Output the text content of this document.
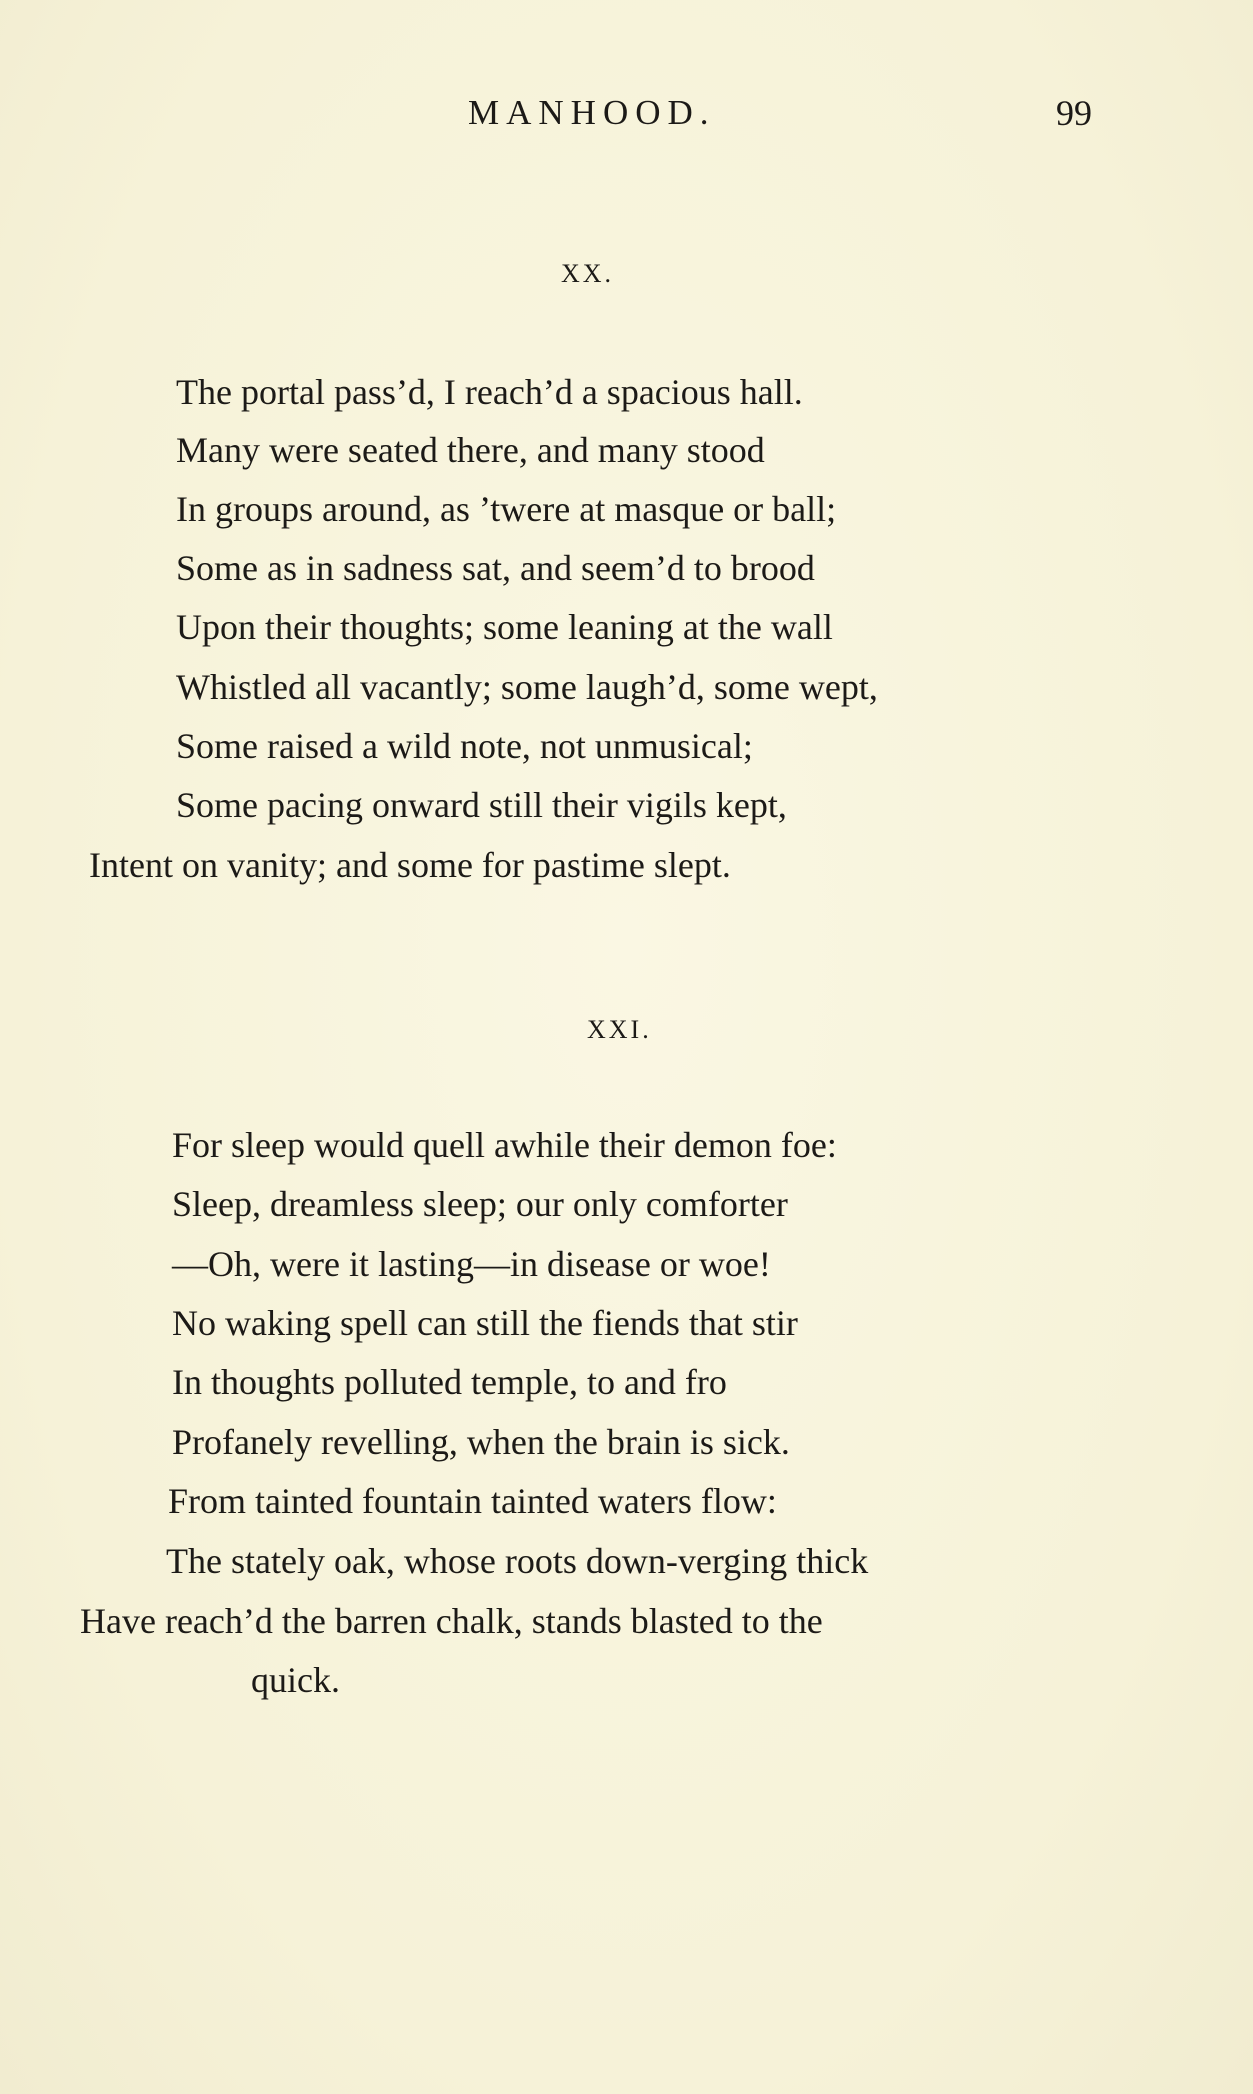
MANHOOD.	99
XX.
The portal pass’d, I reach’d a spacious hall.
Many were seated there, and many stood
In groups around, as ’twere at masque or ball;
Some as in sadness sat, and seem’d to brood
Upon their thoughts; some leaning at the wall
Whistled all vacantly; some laugh’d, some wept,
Some raised a wild note, not unmusical;
Some pacing onward still their vigils kept,
Intent on vanity; and some for pastime slept.
XXI.
For sleep would quell awhile their demon foe:
Sleep, dreamless sleep; our only comforter
—Oh, were it lasting—in disease or woe!
No waking spell can still the fiends that stir
In thoughts polluted temple, to and fro
Profanely revelling, when the brain is sick.
From tainted fountain tainted waters flow:
The stately oak, whose roots down-verging thick
Have reach’d the barren chalk, stands blasted to the
quick.
